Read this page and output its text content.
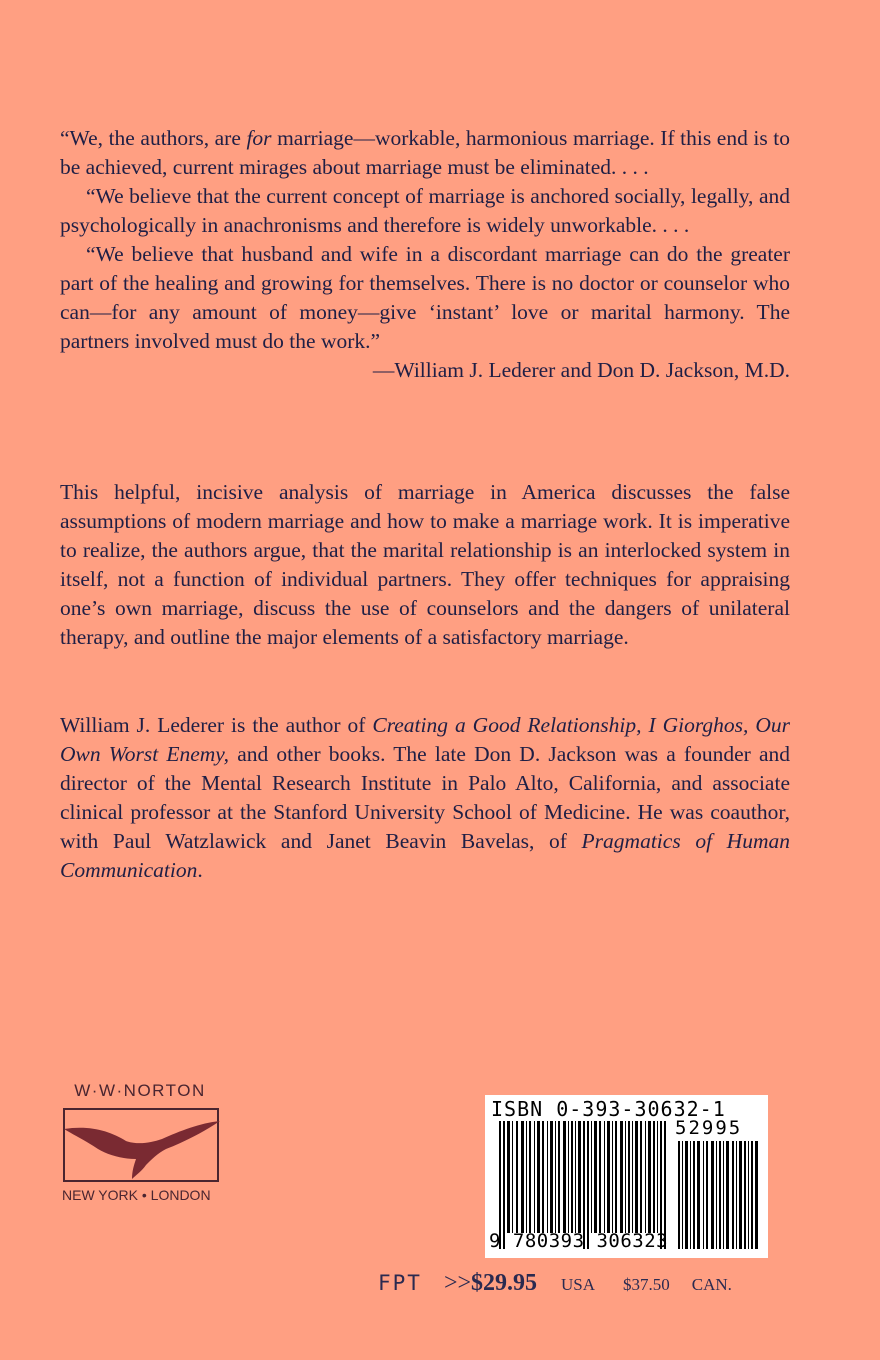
“We, the authors, are for marriage—workable, harmonious marriage. If this end is to be achieved, current mirages about marriage must be eliminated. . . .

“We believe that the current concept of marriage is anchored socially, legally, and psychologically in anachronisms and therefore is widely unworkable. . . .

“We believe that husband and wife in a discordant marriage can do the greater part of the healing and growing for themselves. There is no doctor or counselor who can—for any amount of money—give ‘instant’ love or marital harmony. The partners involved must do the work.”

—William J. Lederer and Don D. Jackson, M.D.

This helpful, incisive analysis of marriage in America discusses the false assumptions of modern marriage and how to make a marriage work. It is imperative to realize, the authors argue, that the marital relationship is an interlocked system in itself, not a function of individual partners. They offer techniques for appraising one’s own marriage, discuss the use of counselors and the dangers of unilateral therapy, and outline the major elements of a satisfactory marriage.

William J. Lederer is the author of Creating a Good Relationship, I Giorghos, Our Own Worst Enemy, and other books. The late Don D. Jackson was a founder and director of the Mental Research Institute in Palo Alto, California, and associate clinical professor at the Stanford University School of Medicine. He was coauthor, with Paul Watzlawick and Janet Beavin Bavelas, of Pragmatics of Human Communication.

W·W·NORTON
NEW YORK • LONDON
ISBN 0-393-30632-1
52995
9 780393 306323
FPT >>$29.95 USA $37.50 CAN.
